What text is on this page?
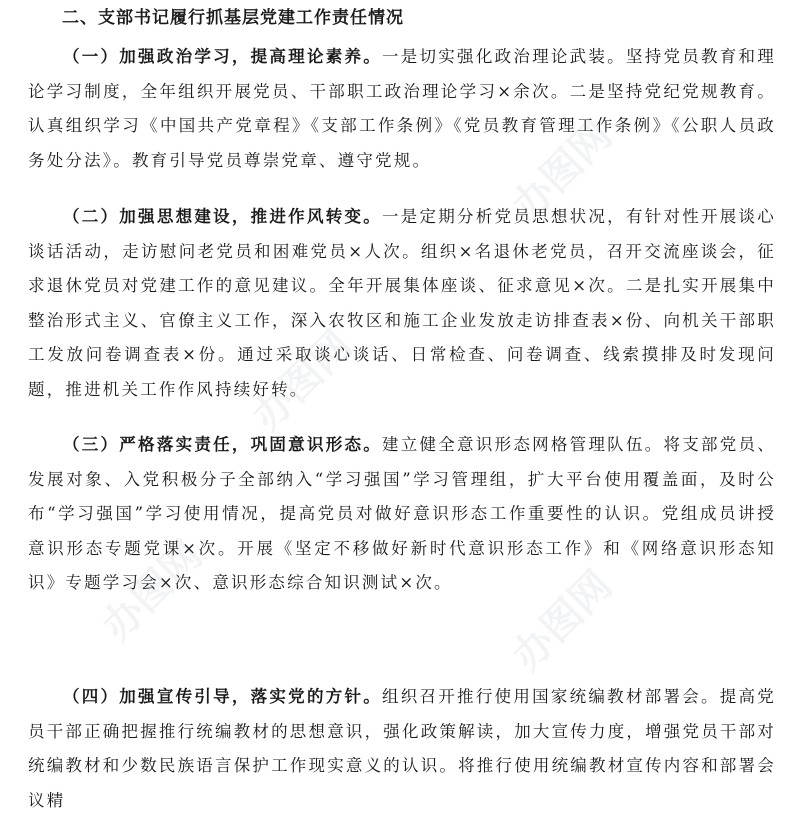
二、支部书记履行抓基层党建工作责任情况

（一）加强政治学习，提高理论素养。一是切实强化政治理论武装。坚持党员教育和理论学习制度，全年组织开展党员、干部职工政治理论学习×余次。二是坚持党纪党规教育。认真组织学习《中国共产党章程》《支部工作条例》《党员教育管理工作条例》《公职人员政务处分法》。教育引导党员尊崇党章、遵守党规。

（二）加强思想建设，推进作风转变。一是定期分析党员思想状况，有针对性开展谈心谈话活动，走访慰问老党员和困难党员×人次。组织×名退休老党员，召开交流座谈会，征求退休党员对党建工作的意见建议。全年开展集体座谈、征求意见×次。二是扎实开展集中整治形式主义、官僚主义工作，深入农牧区和施工企业发放走访排查表×份、向机关干部职工发放问卷调查表×份。通过采取谈心谈话、日常检查、问卷调查、线索摸排及时发现问题，推进机关工作作风持续好转。

（三）严格落实责任，巩固意识形态。建立健全意识形态网格管理队伍。将支部党员、发展对象、入党积极分子全部纳入“学习强国”学习管理组，扩大平台使用覆盖面，及时公布“学习强国”学习使用情况，提高党员对做好意识形态工作重要性的认识。党组成员讲授意识形态专题党课×次。开展《坚定不移做好新时代意识形态工作》和《网络意识形态知识》专题学习会×次、意识形态综合知识测试×次。

（四）加强宣传引导，落实党的方针。组织召开推行使用国家统编教材部署会。提高党员干部正确把握推行统编教材的思想意识，强化政策解读，加大宣传力度，增强党员干部对统编教材和少数民族语言保护工作现实意义的认识。将推行使用统编教材宣传内容和部署会议精

办图网
办图网
办图网	办图网
